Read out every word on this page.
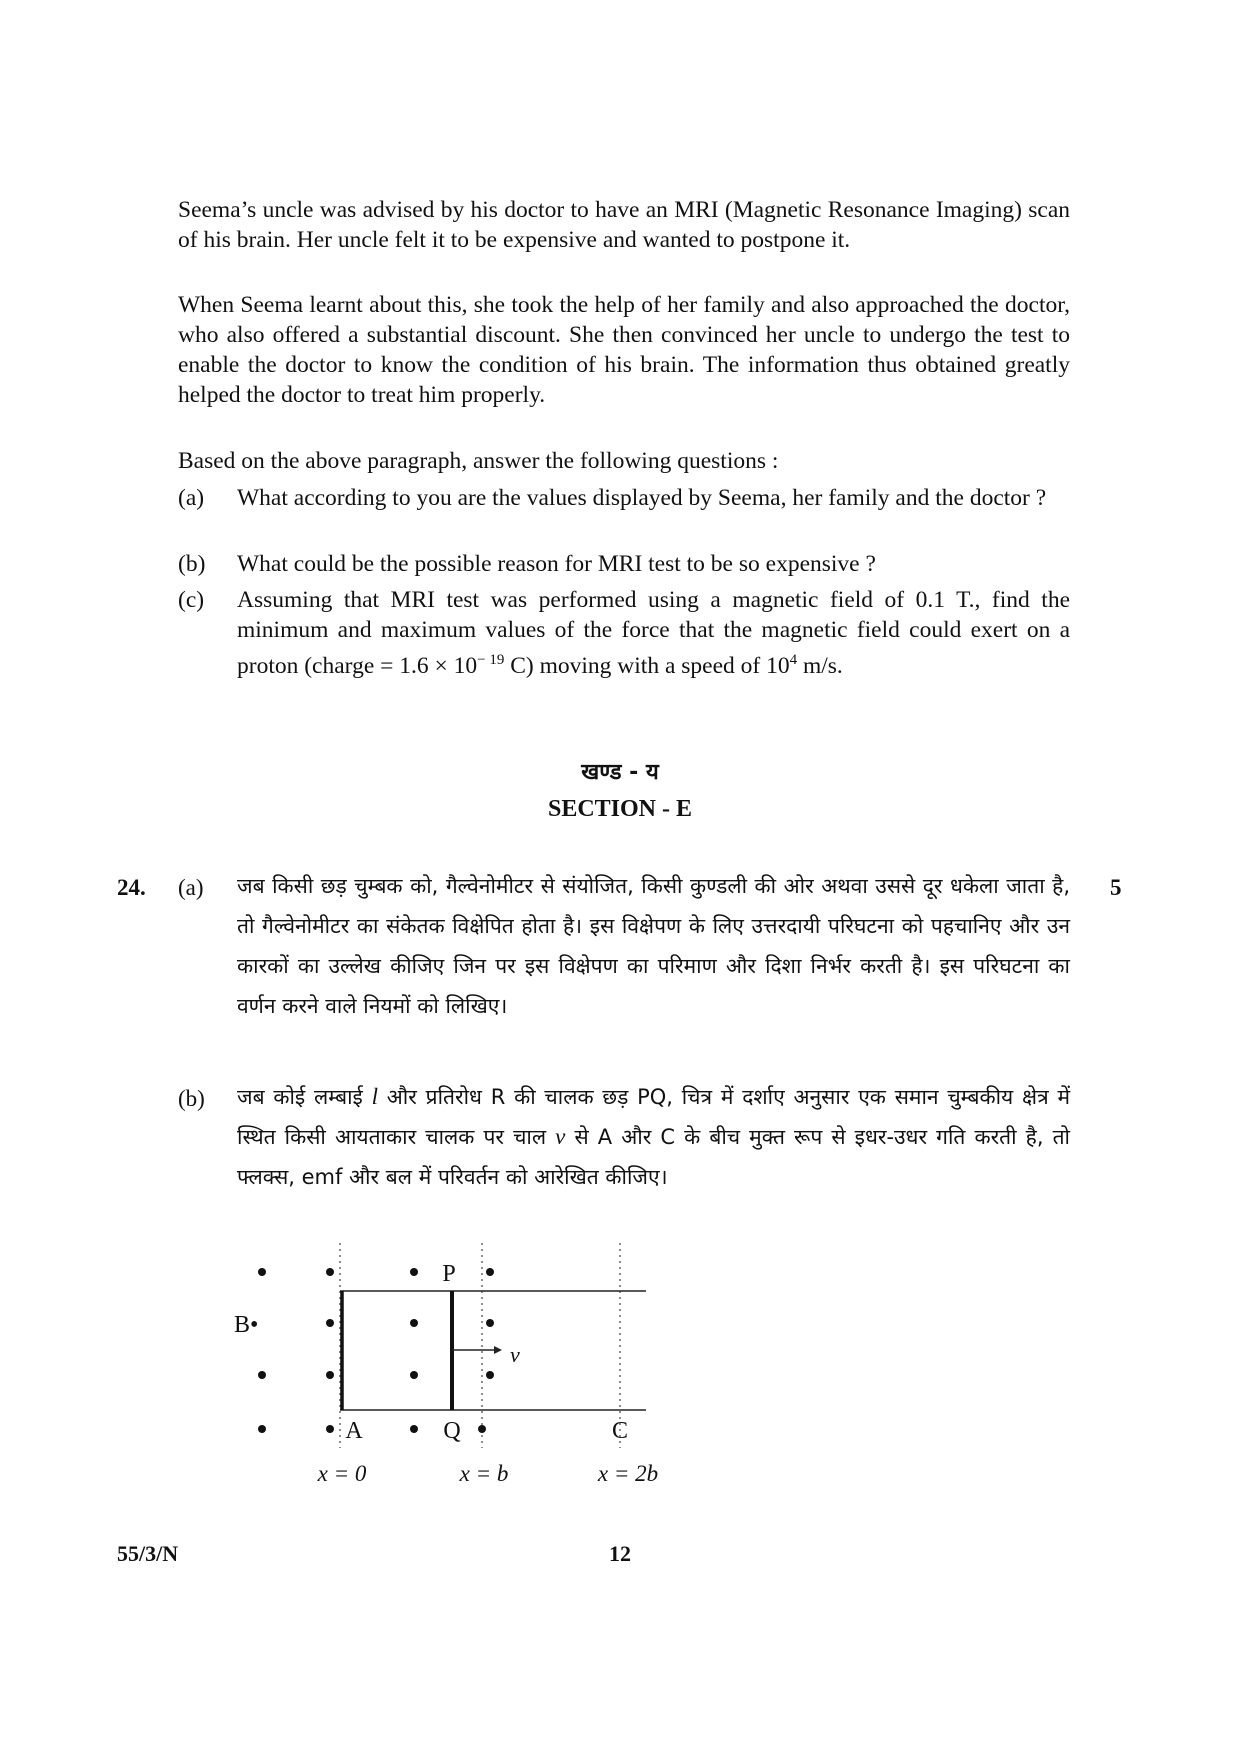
Seema’s uncle was advised by his doctor to have an MRI (Magnetic Resonance Imaging) scan of his brain. Her uncle felt it to be expensive and wanted to postpone it.
When Seema learnt about this, she took the help of her family and also approached the doctor, who also offered a substantial discount. She then convinced her uncle to undergo the test to enable the doctor to know the condition of his brain. The information thus obtained greatly helped the doctor to treat him properly.
Based on the above paragraph, answer the following questions :
(a) What according to you are the values displayed by Seema, her family and the doctor ?
(b) What could be the possible reason for MRI test to be so expensive ?
(c) Assuming that MRI test was performed using a magnetic field of 0.1 T., find the minimum and maximum values of the force that the magnetic field could exert on a proton (charge = $1.6 \times 10^{- 19}$ C) moving with a speed of $10^4$ m/s.
खण्ड - य
SECTION - E
24.	5
(a) जब किसी छड़ चुम्बक को, गैल्वेनोमीटर से संयोजित, किसी कुण्डली की ओर अथवा उससे दूर धकेला जाता है, तो गैल्वेनोमीटर का संकेतक विक्षेपित होता है। इस विक्षेपण के लिए उत्तरदायी परिघटना को पहचानिए और उन कारकों का उल्लेख कीजिए जिन पर इस विक्षेपण का परिमाण और दिशा निर्भर करती है। इस परिघटना का वर्णन करने वाले नियमों को लिखिए।
(b) जब कोई लम्बाई l और प्रतिरोध R की चालक छड़ PQ, चित्र में दर्शाए अनुसार एक समान चुम्बकीय क्षेत्र में स्थित किसी आयताकार चालक पर चाल v से A और C के बीच मुक्त रूप से इधर-उधर गति करती है, तो फ्लक्स, emf और बल में परिवर्तन को आरेखित कीजिए।
P
B•
v
A	Q	C
x = 0	x = b	x = 2b
55/3/N	12
